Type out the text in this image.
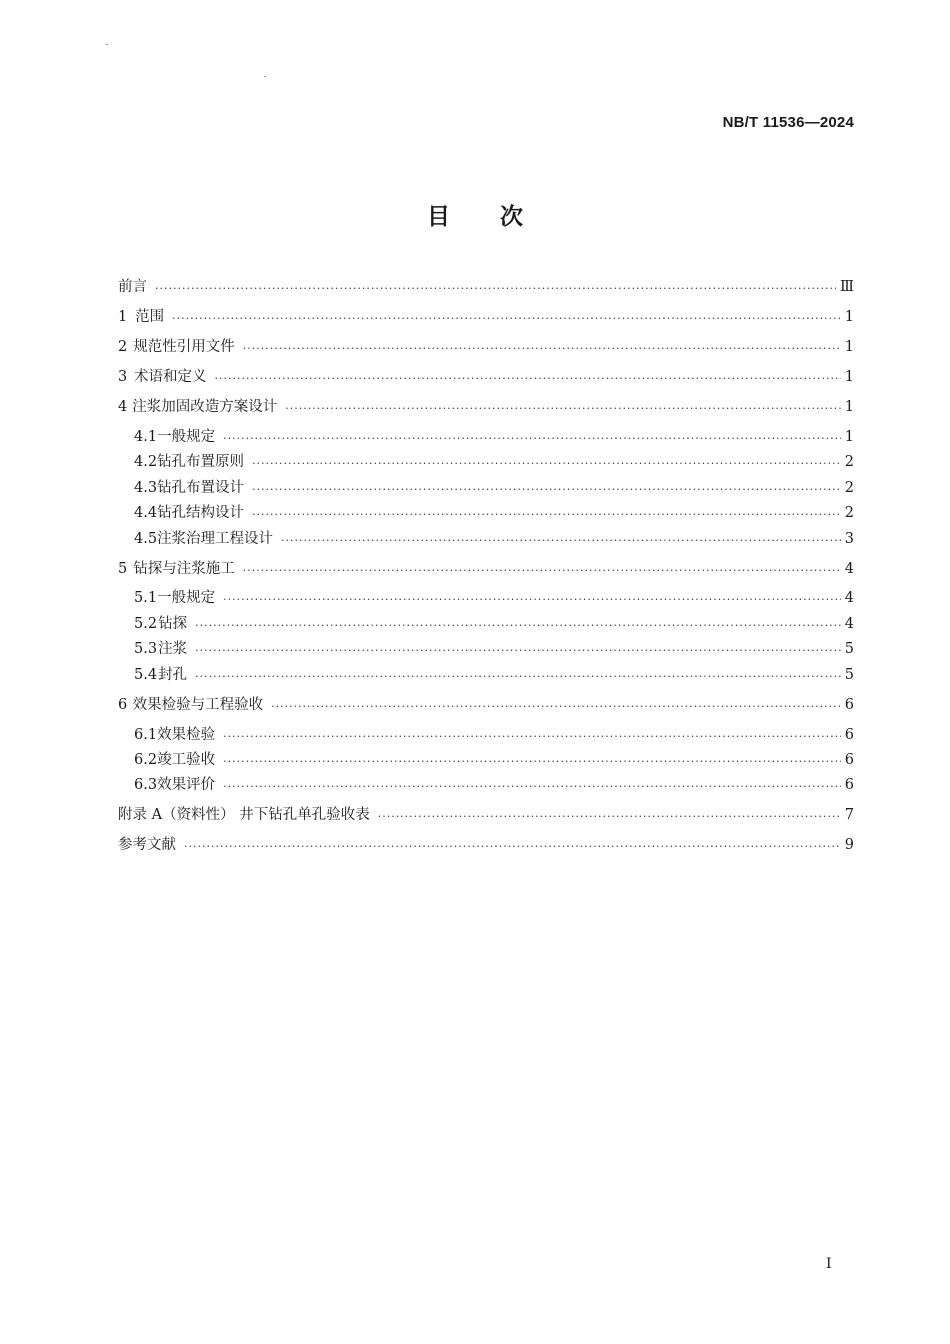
NB/T 11536—2024
目 次
前言 ·····	Ⅲ
1 范围 ·····	1
2 规范性引用文件 ·····	1
3 术语和定义 ·····	1
4 注浆加固改造方案设计 ·····	1
4.1 一般规定 ·····	1
4.2 钻孔布置原则 ·····	2
4.3 钻孔布置设计 ·····	2
4.4 钻孔结构设计 ·····	2
4.5 注浆治理工程设计 ·····	3
5 钻探与注浆施工 ·····	4
5.1 一般规定 ·····	4
5.2 钻探 ·····	4
5.3 注浆 ·····	5
5.4 封孔 ·····	5
6 效果检验与工程验收 ·····	6
6.1 效果检验 ·····	6
6.2 竣工验收 ·····	6
6.3 效果评价 ·····	6
附录 A（资料性） 井下钻孔单孔验收表 ·····	7
参考文献 ·····	9
Ⅰ
